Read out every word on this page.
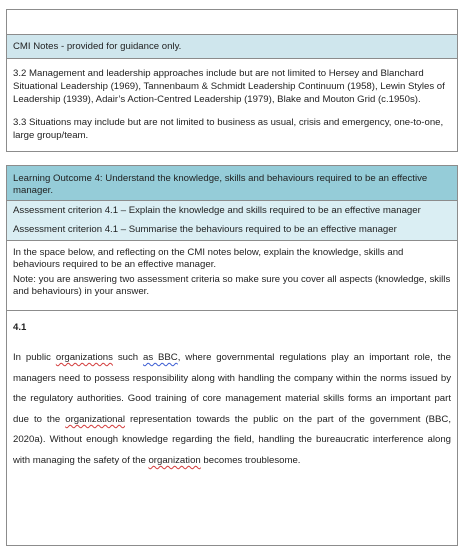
CMI Notes - provided for guidance only.

3.2 Management and leadership approaches include but are not limited to Hersey and Blanchard Situational Leadership (1969), Tannenbaum & Schmidt Leadership Continuum (1958), Lewin Styles of Leadership (1939), Adair’s Action-Centred Leadership (1979), Blake and Mouton Grid (c.1950s).

3.3 Situations may include but are not limited to business as usual, crisis and emergency, one-to-one, large group/team.

Learning Outcome 4: Understand the knowledge, skills and behaviours required to be an effective manager.

Assessment criterion 4.1 – Explain the knowledge and skills required to be an effective manager

Assessment criterion 4.1 – Summarise the behaviours required to be an effective manager

In the space below, and reflecting on the CMI notes below, explain the knowledge, skills and behaviours required to be an effective manager.

Note: you are answering two assessment criteria so make sure you cover all aspects (knowledge, skills and behaviours) in your answer.

4.1
In public organizations such as BBC, where governmental regulations play an important role, the managers need to possess responsibility along with handling the company within the norms issued by the regulatory authorities. Good training of core management material skills forms an important part due to the organizational representation towards the public on the part of the government (BBC, 2020a). Without enough knowledge regarding the field, handling the bureaucratic interference along with managing the safety of the organization becomes troublesome.
